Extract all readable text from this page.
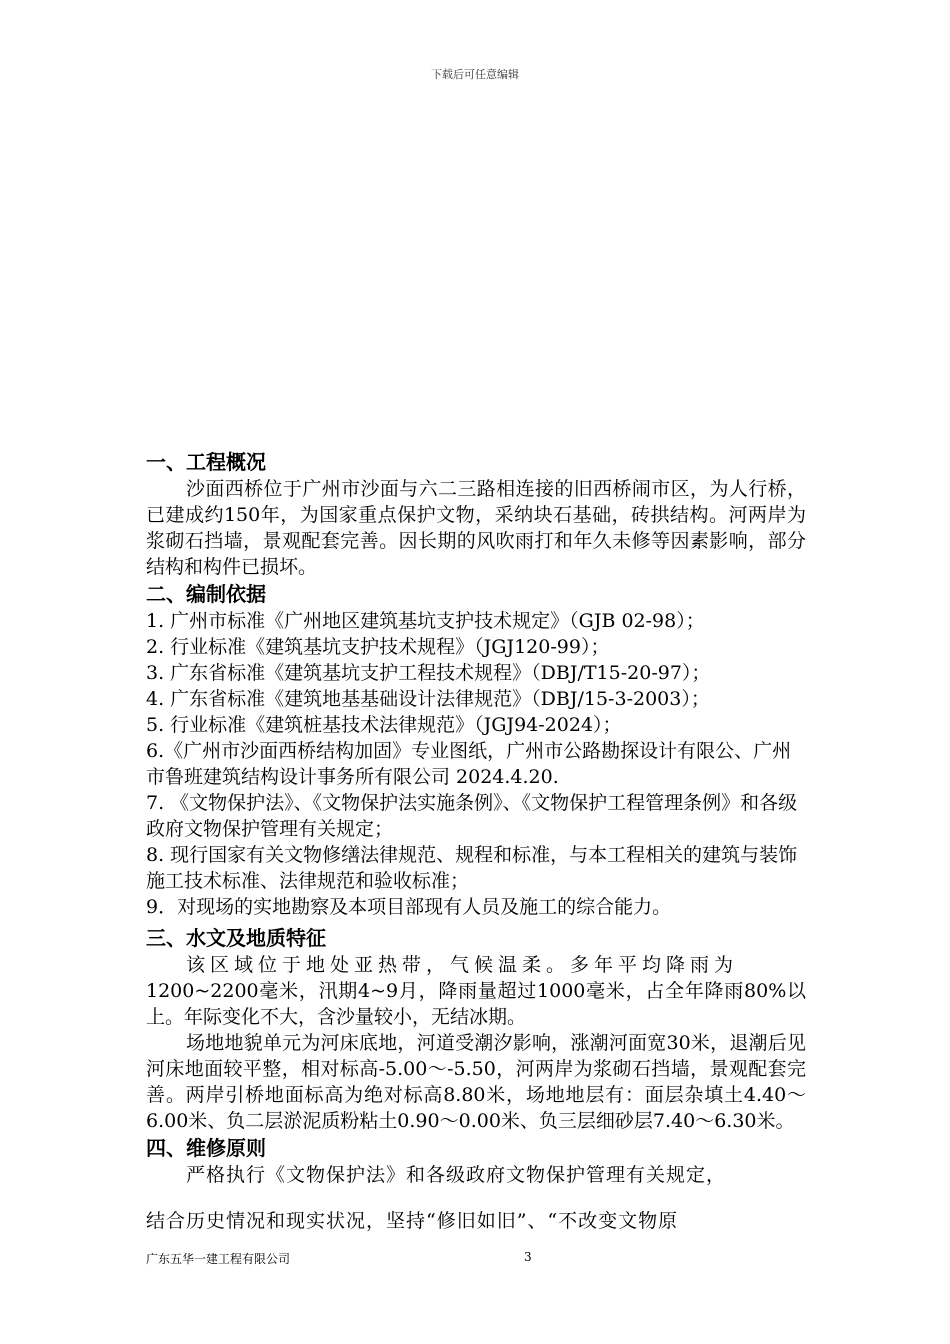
下载后可任意编辑

一、工程概况

沙面西桥位于广州市沙面与六二三路相连接的旧西桥闹市区，为人行桥，已建成约150年，为国家重点保护文物，采纳块石基础，砖拱结构。河两岸为浆砌石挡墙，景观配套完善。因长期的风吹雨打和年久未修等因素影响，部分结构和构件已损坏。

二、编制依据

1. 广州市标准《广州地区建筑基坑支护技术规定》（GJB 02-98）；

2. 行业标准《建筑基坑支护技术规程》（JGJ120-99）；

3. 广东省标准《建筑基坑支护工程技术规程》（DBJ/T15-20-97）；

4. 广东省标准《建筑地基基础设计法律规范》（DBJ/15-3-2003）；

5. 行业标准《建筑桩基技术法律规范》（JGJ94-2024）；

6.《广州市沙面西桥结构加固》专业图纸，广州市公路勘探设计有限公、广州市鲁班建筑结构设计事务所有限公司 2024.4.20.

7. 《文物保护法》、《文物保护法实施条例》、《文物保护工程管理条例》和各级政府文物保护管理有关规定；

8. 现行国家有关文物修缮法律规范、规程和标准，与本工程相关的建筑与装饰施工技术标准、法律规范和验收标准；

9．对现场的实地勘察及本项目部现有人员及施工的综合能力。

三、水文及地质特征

该区域位于地处亚热带，气候温柔。多年平均降雨为

1200~2200毫米，汛期4~9月，降雨量超过1000毫米，占全年降雨80%以上。年际变化不大，含沙量较小，无结冰期。

场地地貌单元为河床底地，河道受潮汐影响，涨潮河面宽30米，退潮后见河床地面较平整，相对标高-5.00～-5.50，河两岸为浆砌石挡墙，景观配套完善。两岸引桥地面标高为绝对标高8.80米，场地地层有：面层杂填土4.40～6.00米、负二层淤泥质粉粘土0.90～0.00米、负三层细砂层7.40～6.30米。

四、维修原则

严格执行《文物保护法》和各级政府文物保护管理有关规定，

结合历史情况和现实状况，坚持“修旧如旧”、“不改变文物原

广东五华一建工程有限公司	3
